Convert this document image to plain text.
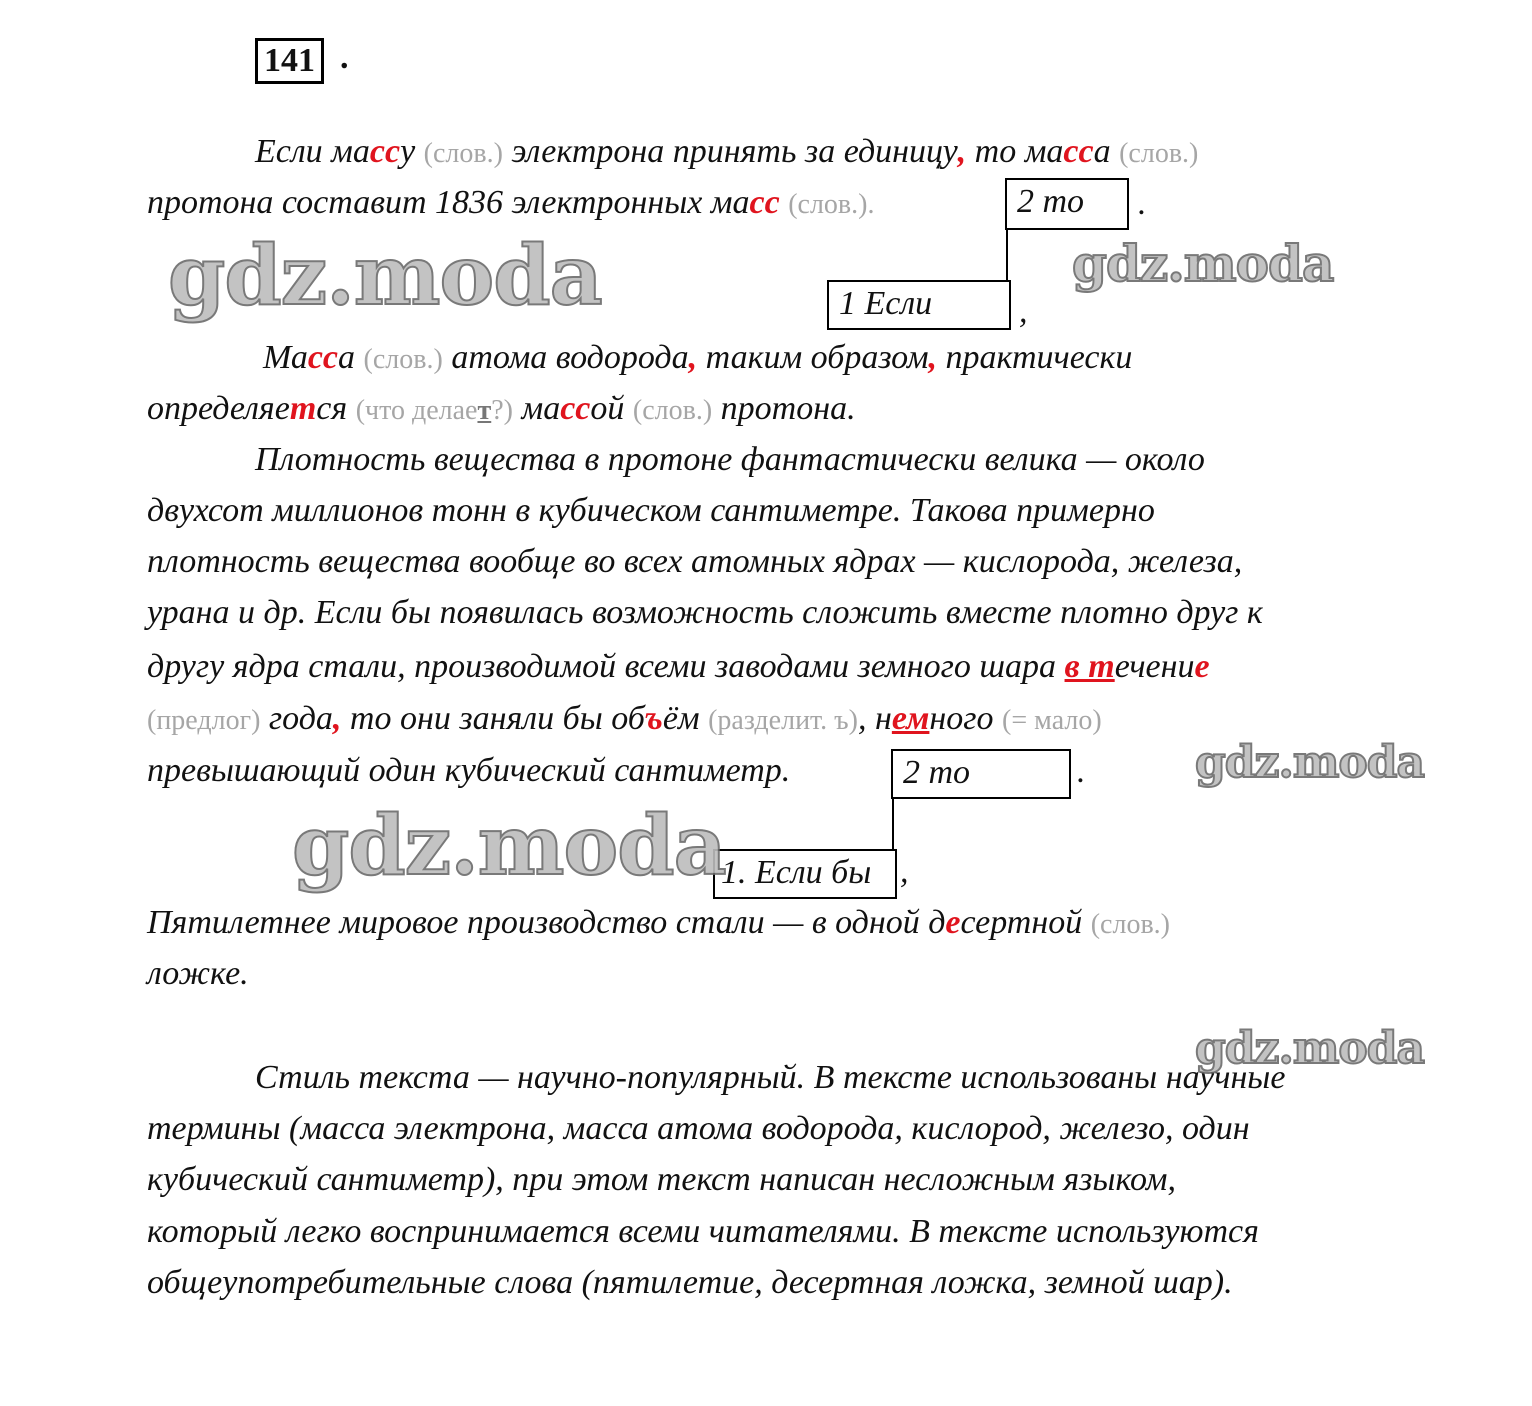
141 .
Если массу (слов.) электрона принять за единицу, то масса (слов.)
протона составит 1836 электронных масс (слов.).	2 то	.
1 Если	,
Масса (слов.) атома водорода, таким образом, практически
определяется (что делает?) массой (слов.) протона.
Плотность вещества в протоне фантастически велика — около
двухсот миллионов тонн в кубическом сантиметре. Такова примерно
плотность вещества вообще во всех атомных ядрах — кислорода, железа,
урана и др. Если бы появилась возможность сложить вместе плотно друг к
другу ядра стали, производимой всеми заводами земного шара в течение
(предлог) года, то они заняли бы объём (разделит. ъ), немного (= мало)
превышающий один кубический сантиметр.	2 то	.
1. Если бы ,
Пятилетнее мировое производство стали — в одной десертной (слов.)
ложке.
Стиль текста — научно-популярный. В тексте использованы научные
термины (масса электрона, масса атома водорода, кислород, железо, один
кубический сантиметр), при этом текст написан несложным языком,
который легко воспринимается всеми читателями. В тексте используются
общеупотребительные слова (пятилетие, десертная ложка, земной шар).
gdz.moda	gdz.moda
gdz.moda
gdz.moda
gdz.moda
